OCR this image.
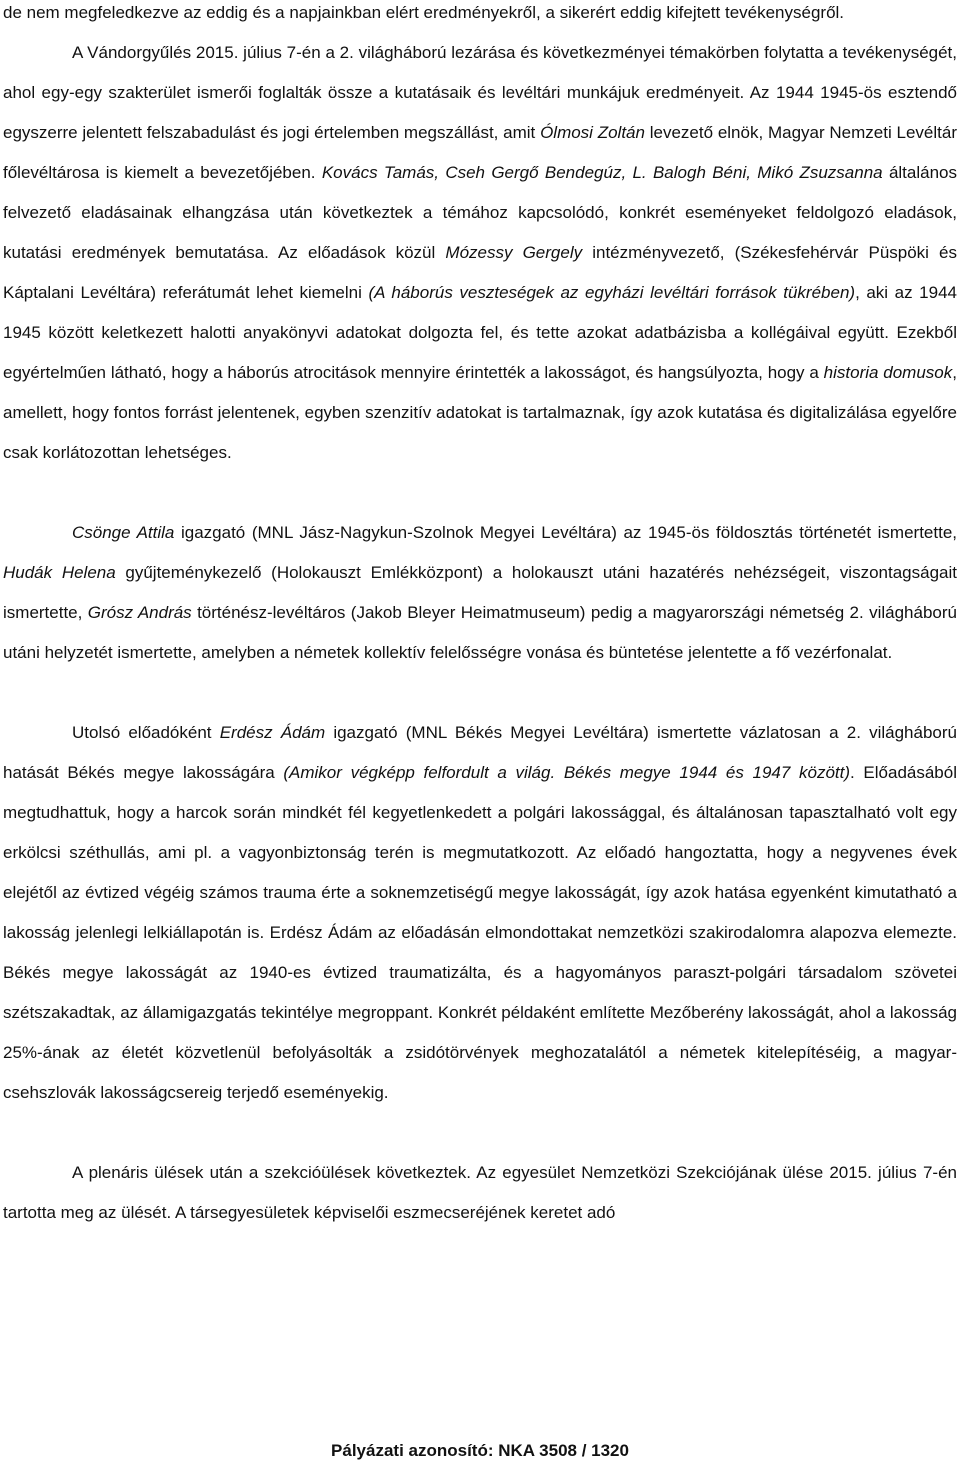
de nem megfeledkezve az eddig és a napjainkban elért eredményekről, a sikerért eddig kifejtett tevékenységről.

A Vándorgyűlés 2015. július 7-én a 2. világháború lezárása és következményei témakörben folytatta a tevékenységét, ahol egy-egy szakterület ismerői foglalták össze a kutatásaik és levéltári munkájuk eredményeit. Az 1944 1945-ös esztendő egyszerre jelentett felszabadulást és jogi értelemben megszállást, amit Ólmosi Zoltán levezető elnök, Magyar Nemzeti Levéltár főlevéltárosa is kiemelt a bevezetőjében. Kovács Tamás, Cseh Gergő Bendegúz, L. Balogh Béni, Mikó Zsuzsanna általános felvezető eladásainak elhangzása után következtek a témához kapcsolódó, konkrét eseményeket feldolgozó eladások, kutatási eredmények bemutatása. Az előadások közül Mózessy Gergely intézményvezető, (Székesfehérvár Püspöki és Káptalani Levéltára) referátumát lehet kiemelni (A háborús veszteségek az egyházi levéltári források tükrében), aki az 1944 1945 között keletkezett halotti anyakönyvi adatokat dolgozta fel, és tette azokat adatbázisba a kollégáival együtt. Ezekből egyértelműen látható, hogy a háborús atrocitások mennyire érintették a lakosságot, és hangsúlyozta, hogy a historia domusok, amellett, hogy fontos forrást jelentenek, egyben szenzitív adatokat is tartalmaznak, így azok kutatása és digitalizálása egyelőre csak korlátozottan lehetséges.

Csönge Attila igazgató (MNL Jász-Nagykun-Szolnok Megyei Levéltára) az 1945-ös földosztás történetét ismertette, Hudák Helena gyűjteménykezelő (Holokauszt Emlékközpont) a holokauszt utáni hazatérés nehézségeit, viszontagságait ismertette, Grósz András történész-levéltáros (Jakob Bleyer Heimatmuseum) pedig a magyarországi németség 2. világháború utáni helyzetét ismertette, amelyben a németek kollektív felelősségre vonása és büntetése jelentette a fő vezérfonalat.

Utolsó előadóként Erdész Ádám igazgató (MNL Békés Megyei Levéltára) ismertette vázlatosan a 2. világháború hatását Békés megye lakosságára (Amikor végképp felfordult a világ. Békés megye 1944 és 1947 között). Előadásából megtudhattuk, hogy a harcok során mindkét fél kegyetlenkedett a polgári lakossággal, és általánosan tapasztalható volt egy erkölcsi széthullás, ami pl. a vagyonbiztonság terén is megmutatkozott. Az előadó hangoztatta, hogy a negyvenes évek elejétől az évtized végéig számos trauma érte a soknemzetiségű megye lakosságát, így azok hatása egyenként kimutatható a lakosság jelenlegi lelkiállapotán is. Erdész Ádám az előadásán elmondottakat nemzetközi szakirodalomra alapozva elemezte. Békés megye lakosságát az 1940-es évtized traumatizálta, és a hagyományos paraszt-polgári társadalom szövetei szétszakadtak, az államigazgatás tekintélye megroppant. Konkrét példaként említette Mezőberény lakosságát, ahol a lakosság 25%-ának az életét közvetlenül befolyásolták a zsidótörvények meghozatalától a németek kitelepítéséig, a magyar-csehszlovák lakosságcsereig terjedő eseményekig.

A plenáris ülések után a szekcióülések következtek. Az egyesület Nemzetközi Szekciójának ülése 2015. július 7-én tartotta meg az ülését. A társegyesületek képviselői eszmecseréjének keretet adó

Pályázati azonosító: NKA 3508 / 1320
